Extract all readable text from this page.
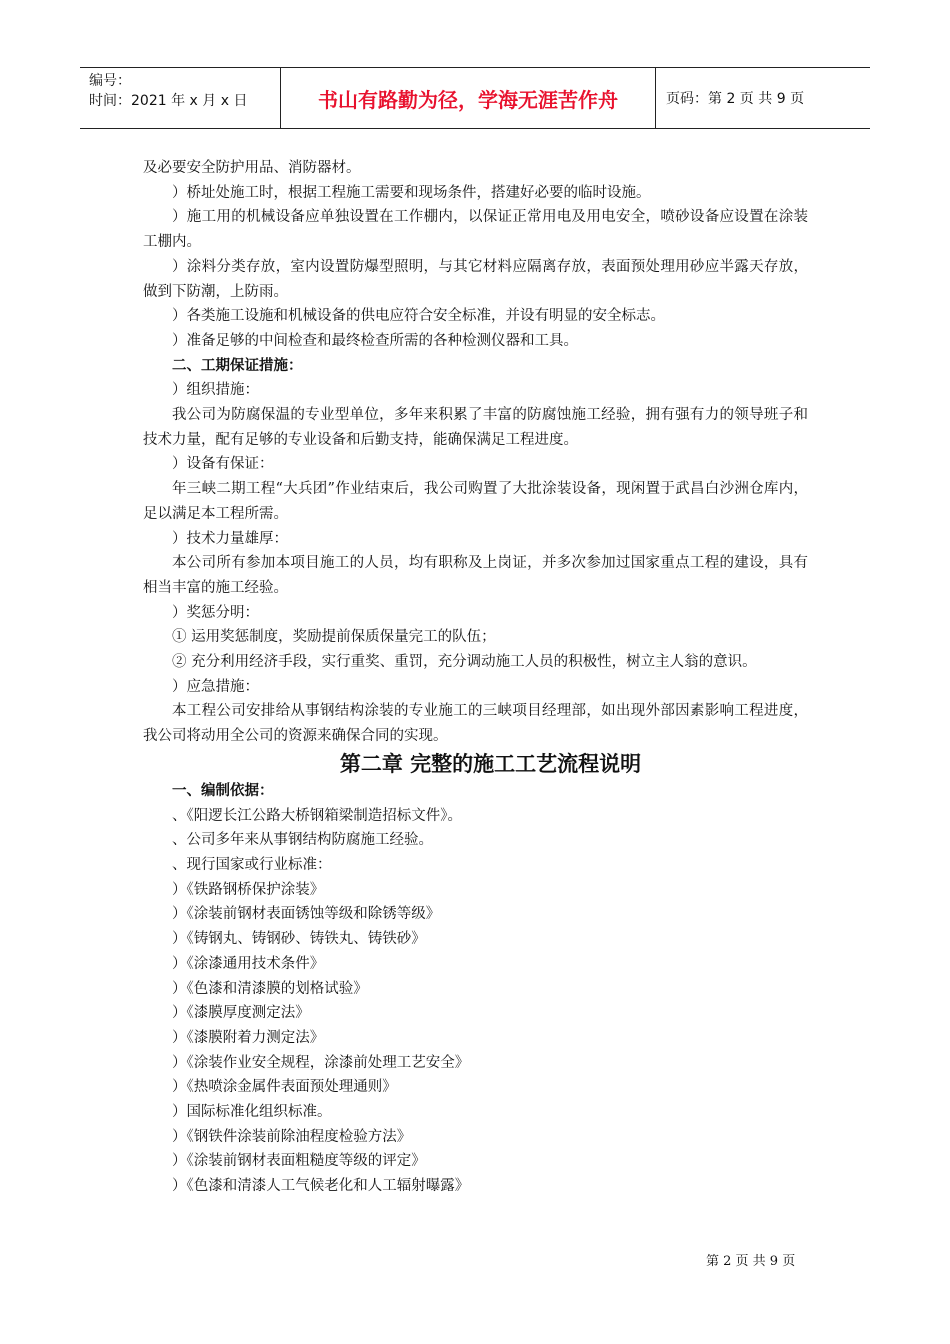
编号：
时间：2021 年 x 月 x 日	书山有路勤为径，学海无涯苦作舟	页码：第 2 页 共 9 页

及必要安全防护用品、消防器材。

）桥址处施工时，根据工程施工需要和现场条件，搭建好必要的临时设施。

）施工用的机械设备应单独设置在工作棚内，以保证正常用电及用电安全，喷砂设备应设置在涂装工棚内。

）涂料分类存放，室内设置防爆型照明，与其它材料应隔离存放，表面预处理用砂应半露天存放，做到下防潮，上防雨。

）各类施工设施和机械设备的供电应符合安全标准，并设有明显的安全标志。

）准备足够的中间检查和最终检查所需的各种检测仪器和工具。

二、工期保证措施：

）组织措施：

我公司为防腐保温的专业型单位，多年来积累了丰富的防腐蚀施工经验，拥有强有力的领导班子和技术力量，配有足够的专业设备和后勤支持，能确保满足工程进度。

）设备有保证：

年三峡二期工程“大兵团”作业结束后，我公司购置了大批涂装设备，现闲置于武昌白沙洲仓库内，足以满足本工程所需。

）技术力量雄厚：

本公司所有参加本项目施工的人员，均有职称及上岗证，并多次参加过国家重点工程的建设，具有相当丰富的施工经验。

）奖惩分明：

① 运用奖惩制度，奖励提前保质保量完工的队伍；

② 充分利用经济手段，实行重奖、重罚，充分调动施工人员的积极性，树立主人翁的意识。

）应急措施：

本工程公司安排给从事钢结构涂装的专业施工的三峡项目经理部，如出现外部因素影响工程进度，我公司将动用全公司的资源来确保合同的实现。

第二章 完整的施工工艺流程说明

一、编制依据：

、《阳逻长江公路大桥钢箱梁制造招标文件》。

、公司多年来从事钢结构防腐施工经验。

、现行国家或行业标准：

）《铁路钢桥保护涂装》

）《涂装前钢材表面锈蚀等级和除锈等级》

）《铸钢丸、铸钢砂、铸铁丸、铸铁砂》

）《涂漆通用技术条件》

）《色漆和清漆膜的划格试验》

）《漆膜厚度测定法》

）《漆膜附着力测定法》

）《涂装作业安全规程，涂漆前处理工艺安全》

）《热喷涂金属件表面预处理通则》

）国际标准化组织标准。

）《钢铁件涂装前除油程度检验方法》

）《涂装前钢材表面粗糙度等级的评定》

）《色漆和清漆人工气候老化和人工辐射曝露》

第 2 页 共 9 页
